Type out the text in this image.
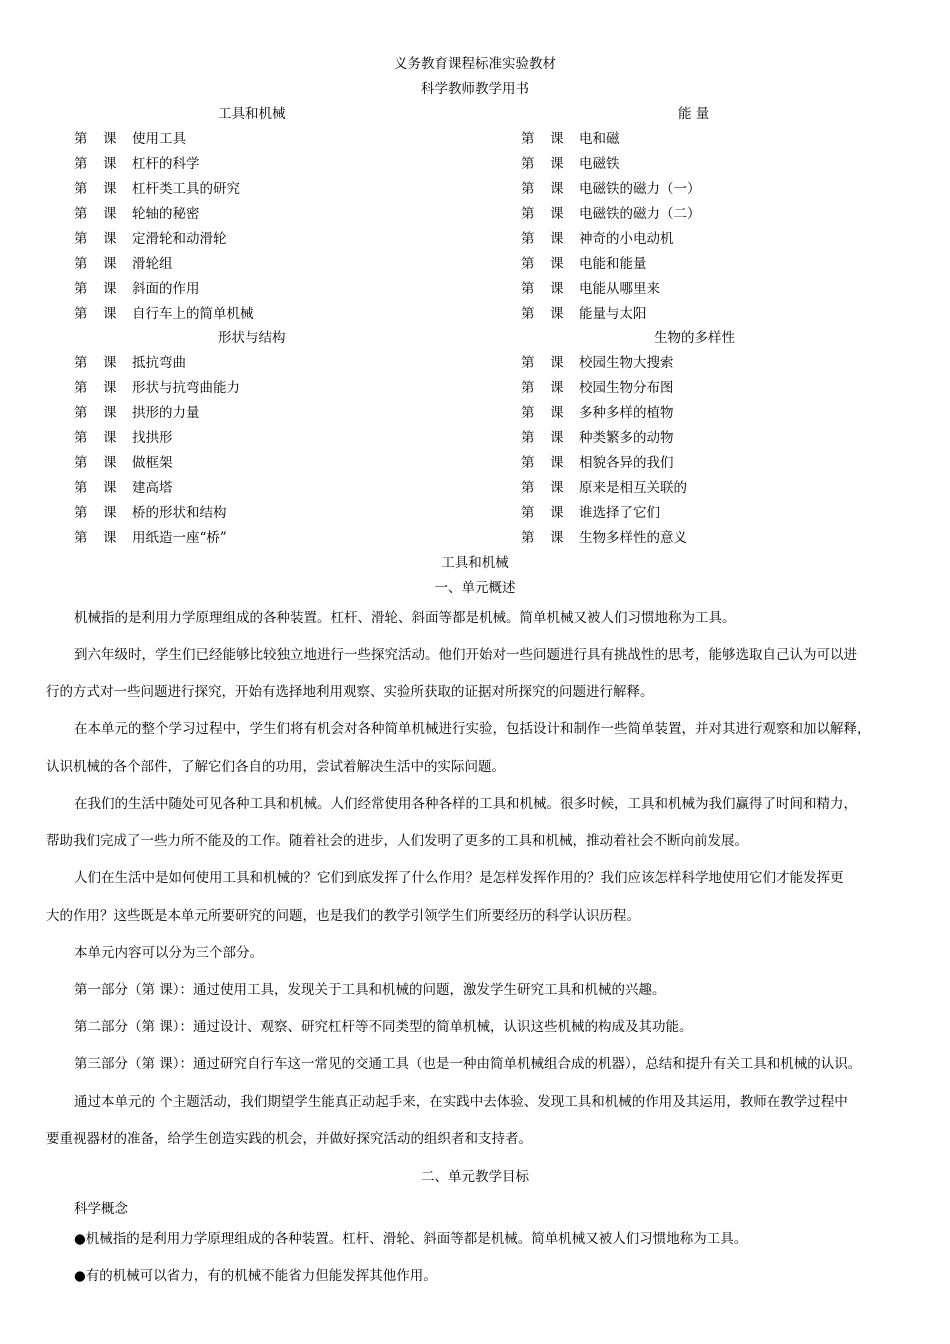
义务教育课程标准实验教材
科学教师教学用书
工具和机械	能 量
第 课 使用工具	第 课 电和磁
第 课 杠杆的科学	第 课 电磁铁
第 课 杠杆类工具的研究	第 课 电磁铁的磁力（一）
第 课 轮轴的秘密	第 课 电磁铁的磁力（二）
第 课 定滑轮和动滑轮	第 课 神奇的小电动机
第 课 滑轮组	第 课 电能和能量
第 课 斜面的作用	第 课 电能从哪里来
第 课 自行车上的简单机械	第 课 能量与太阳
形状与结构	生物的多样性
第 课 抵抗弯曲	第 课 校园生物大搜索
第 课 形状与抗弯曲能力	第 课 校园生物分布图
第 课 拱形的力量	第 课 多种多样的植物
第 课 找拱形	第 课 种类繁多的动物
第 课 做框架	第 课 相貌各异的我们
第 课 建高塔	第 课 原来是相互关联的
第 课 桥的形状和结构	第 课 谁选择了它们
第 课 用纸造一座“桥”	第 课 生物多样性的意义
工具和机械
一、单元概述
机械指的是利用力学原理组成的各种装置。杠杆、滑轮、斜面等都是机械。简单机械又被人们习惯地称为工具。
到六年级时，学生们已经能够比较独立地进行一些探究活动。他们开始对一些问题进行具有挑战性的思考，能够选取自己认为可以进
行的方式对一些问题进行探究，开始有选择地利用观察、实验所获取的证据对所探究的问题进行解释。
在本单元的整个学习过程中，学生们将有机会对各种简单机械进行实验，包括设计和制作一些简单装置，并对其进行观察和加以解释，
认识机械的各个部件，了解它们各自的功用，尝试着解决生活中的实际问题。
在我们的生活中随处可见各种工具和机械。人们经常使用各种各样的工具和机械。很多时候，工具和机械为我们赢得了时间和精力，
帮助我们完成了一些力所不能及的工作。随着社会的进步，人们发明了更多的工具和机械，推动着社会不断向前发展。
人们在生活中是如何使用工具和机械的？它们到底发挥了什么作用？是怎样发挥作用的？我们应该怎样科学地使用它们才能发挥更
大的作用？这些既是本单元所要研究的问题，也是我们的教学引领学生们所要经历的科学认识历程。
本单元内容可以分为三个部分。
第一部分（第 课）：通过使用工具，发现关于工具和机械的问题，激发学生研究工具和机械的兴趣。
第二部分（第 课）：通过设计、观察、研究杠杆等不同类型的简单机械，认识这些机械的构成及其功能。
第三部分（第 课）：通过研究自行车这一常见的交通工具（也是一种由简单机械组合成的机器），总结和提升有关工具和机械的认识。
通过本单元的 个主题活动，我们期望学生能真正动起手来，在实践中去体验、发现工具和机械的作用及其运用，教师在教学过程中
要重视器材的准备，给学生创造实践的机会，并做好探究活动的组织者和支持者。
二、单元教学目标
科学概念
●机械指的是利用力学原理组成的各种装置。杠杆、滑轮、斜面等都是机械。简单机械又被人们习惯地称为工具。
●有的机械可以省力，有的机械不能省力但能发挥其他作用。
